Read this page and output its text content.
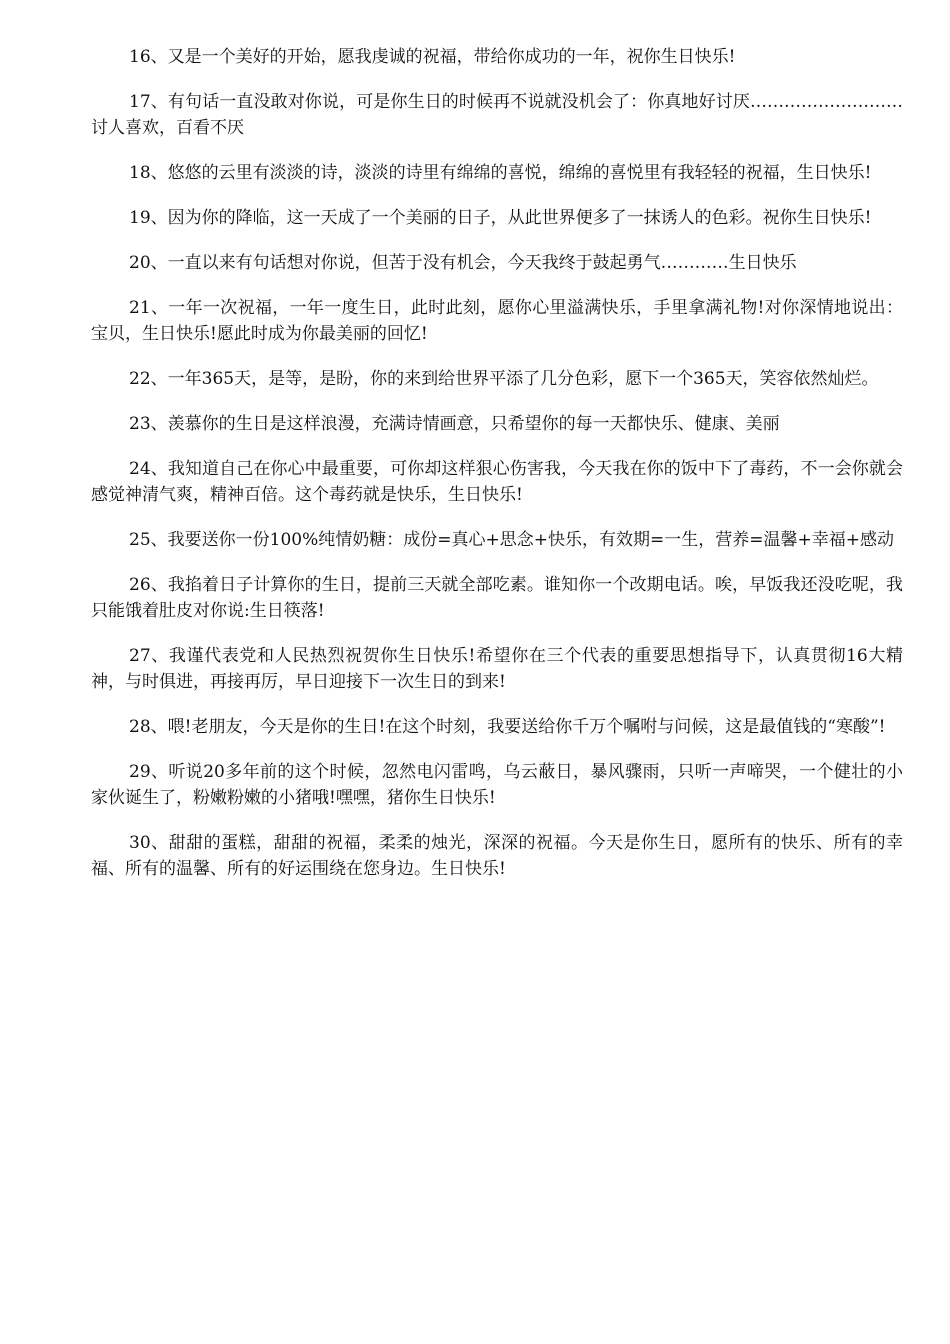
16、又是一个美好的开始，愿我虔诚的祝福，带给你成功的一年，祝你生日快乐!

17、有句话一直没敢对你说，可是你生日的时候再不说就没机会了：你真地好讨厌………………………讨人喜欢，百看不厌

18、悠悠的云里有淡淡的诗，淡淡的诗里有绵绵的喜悦，绵绵的喜悦里有我轻轻的祝福，生日快乐!

19、因为你的降临，这一天成了一个美丽的日子，从此世界便多了一抹诱人的色彩。祝你生日快乐!

20、一直以来有句话想对你说，但苦于没有机会，今天我终于鼓起勇气…………生日快乐

21、一年一次祝福，一年一度生日，此时此刻，愿你心里溢满快乐，手里拿满礼物!对你深情地说出：宝贝，生日快乐!愿此时成为你最美丽的回忆!

22、一年365天，是等，是盼，你的来到给世界平添了几分色彩，愿下一个365天，笑容依然灿烂。

23、羡慕你的生日是这样浪漫，充满诗情画意，只希望你的每一天都快乐、健康、美丽

24、我知道自己在你心中最重要，可你却这样狠心伤害我，今天我在你的饭中下了毒药，不一会你就会感觉神清气爽，精神百倍。这个毒药就是快乐，生日快乐!

25、我要送你一份100%纯情奶糖：成份=真心+思念+快乐，有效期=一生，营养=温馨+幸福+感动

26、我掐着日子计算你的生日，提前三天就全部吃素。谁知你一个改期电话。唉，早饭我还没吃呢，我只能饿着肚皮对你说:生日筷落!

27、我谨代表党和人民热烈祝贺你生日快乐!希望你在三个代表的重要思想指导下，认真贯彻16大精神，与时俱进，再接再厉，早日迎接下一次生日的到来!

28、喂!老朋友，今天是你的生日!在这个时刻，我要送给你千万个嘱咐与问候，这是最值钱的“寒酸”!

29、听说20多年前的这个时候，忽然电闪雷鸣，乌云蔽日，暴风骤雨，只听一声啼哭，一个健壮的小家伙诞生了，粉嫩粉嫩的小猪哦!嘿嘿，猪你生日快乐!

30、甜甜的蛋糕，甜甜的祝福，柔柔的烛光，深深的祝福。今天是你生日，愿所有的快乐、所有的幸福、所有的温馨、所有的好运围绕在您身边。生日快乐!
